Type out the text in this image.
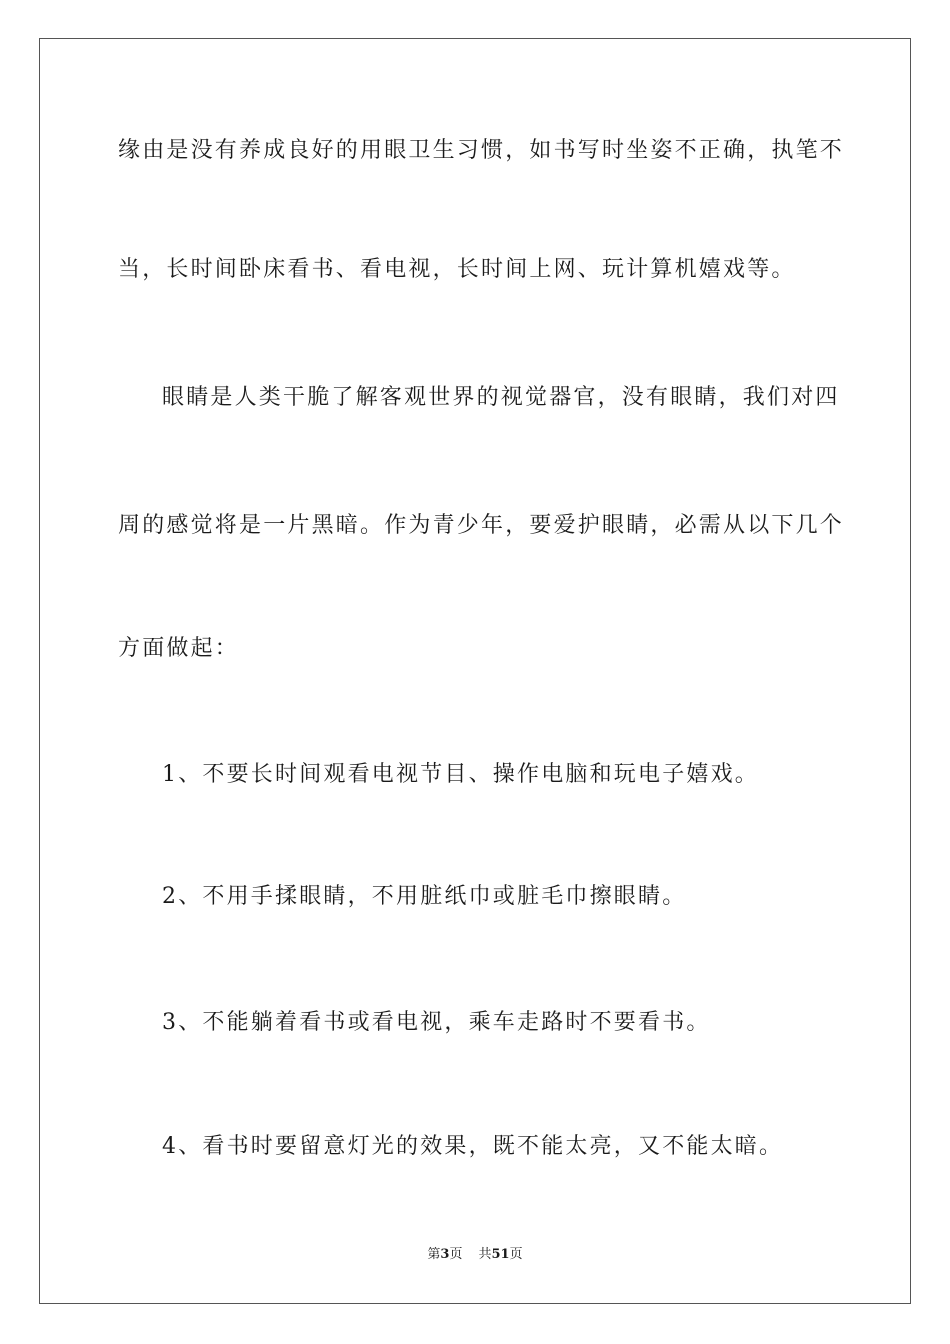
缘由是没有养成良好的用眼卫生习惯，如书写时坐姿不正确，执笔不
当，长时间卧床看书、看电视，长时间上网、玩计算机嬉戏等。
眼睛是人类干脆了解客观世界的视觉器官，没有眼睛，我们对四
周的感觉将是一片黑暗。作为青少年，要爱护眼睛，必需从以下几个
方面做起：
1、不要长时间观看电视节目、操作电脑和玩电子嬉戏。
2、不用手揉眼睛，不用脏纸巾或脏毛巾擦眼睛。
3、不能躺着看书或看电视，乘车走路时不要看书。
4、看书时要留意灯光的效果，既不能太亮，又不能太暗。
第3页 共51页
